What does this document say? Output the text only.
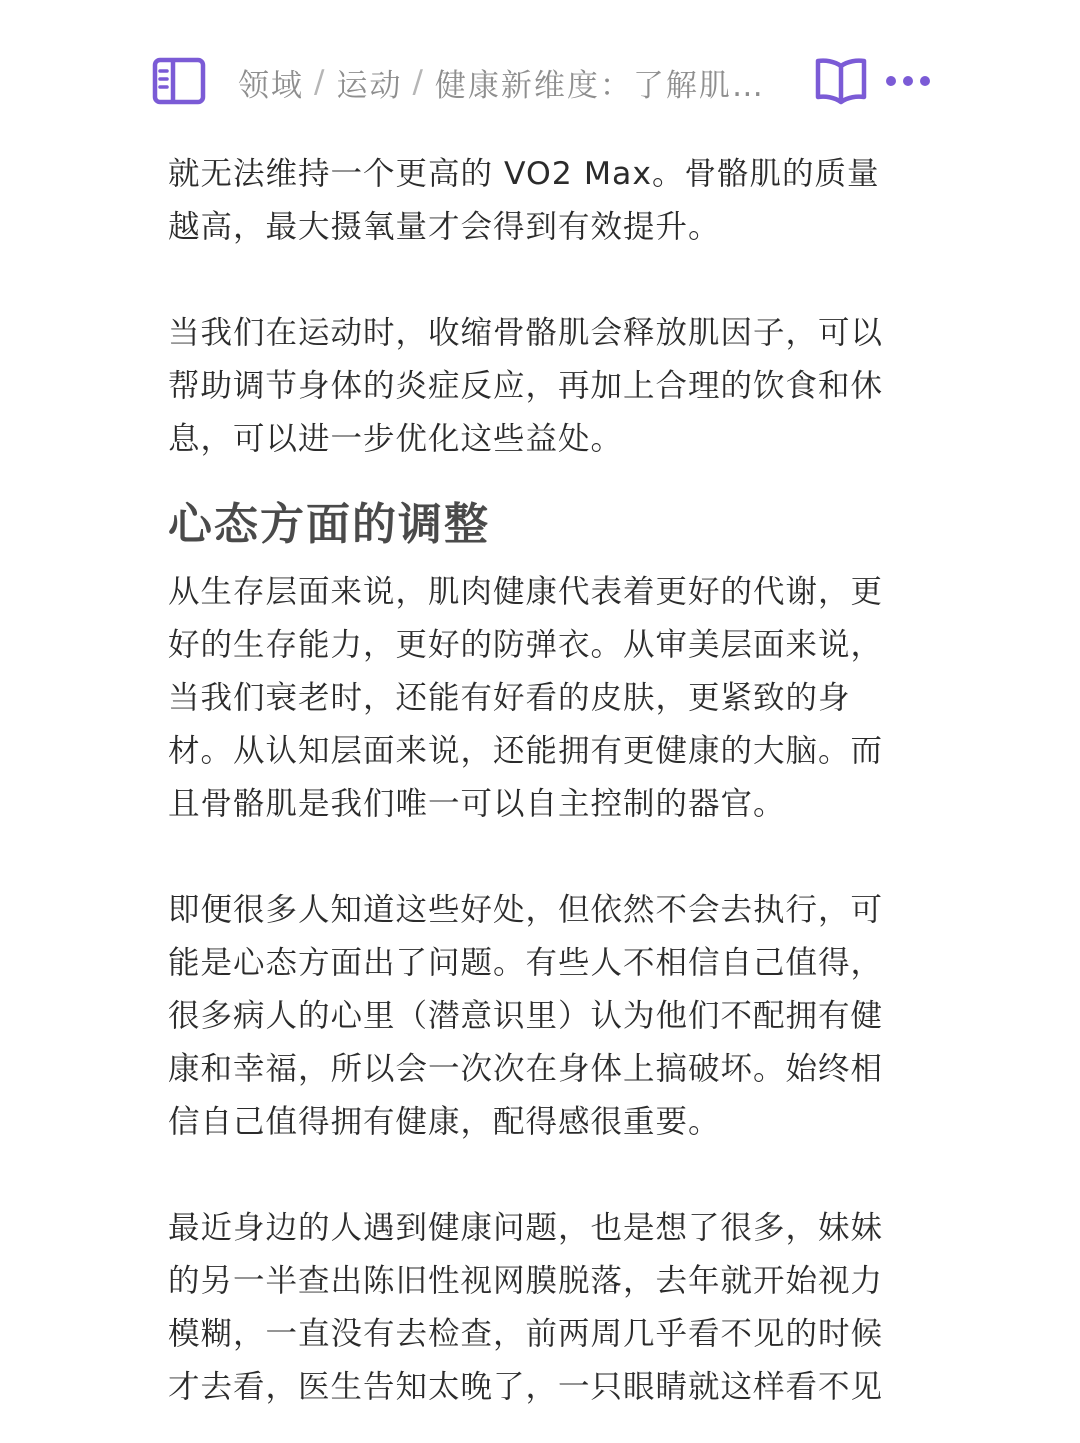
领域 / 运动 / 健康新维度：了解肌…

就无法维持一个更高的 VO2 Max。骨骼肌的质量越高，最大摄氧量才会得到有效提升。

当我们在运动时，收缩骨骼肌会释放肌因子，可以帮助调节身体的炎症反应，再加上合理的饮食和休息，可以进一步优化这些益处。

心态方面的调整

从生存层面来说，肌肉健康代表着更好的代谢，更好的生存能力，更好的防弹衣。从审美层面来说，当我们衰老时，还能有好看的皮肤，更紧致的身材。从认知层面来说，还能拥有更健康的大脑。而且骨骼肌是我们唯一可以自主控制的器官。

即便很多人知道这些好处，但依然不会去执行，可能是心态方面出了问题。有些人不相信自己值得，很多病人的心里（潜意识里）认为他们不配拥有健康和幸福，所以会一次次在身体上搞破坏。始终相信自己值得拥有健康，配得感很重要。

最近身边的人遇到健康问题，也是想了很多，妹妹的另一半查出陈旧性视网膜脱落，去年就开始视力模糊，一直没有去检查，前两周几乎看不见的时候才去看，医生告知太晚了，一只眼睛就这样看不见
